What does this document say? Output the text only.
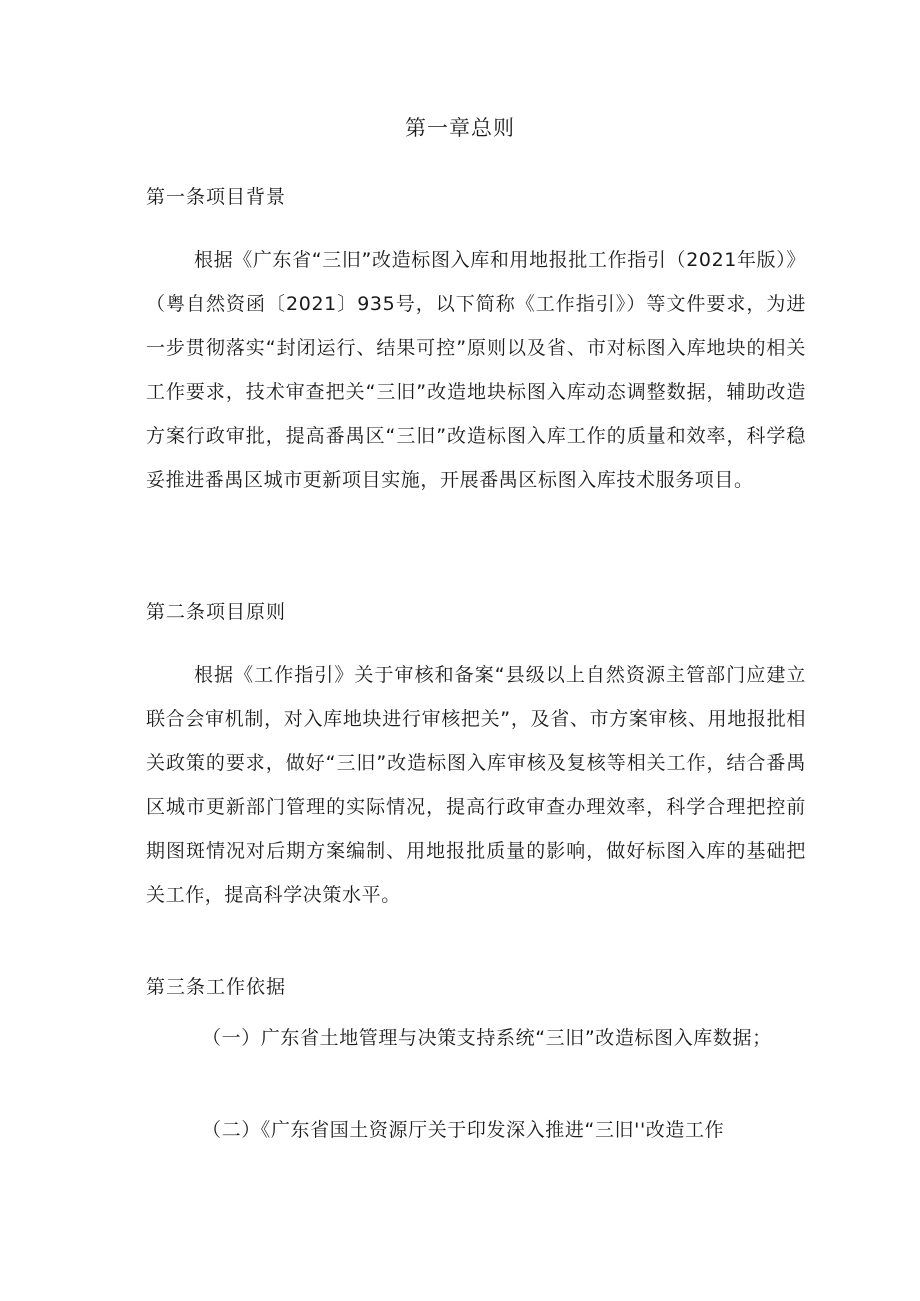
第一章总则
第一条项目背景

根据《广东省“三旧”改造标图入库和用地报批工作指引（2021年版）》（粤自然资函〔2021〕935号，以下简称《工作指引》）等文件要求，为进一步贯彻落实“封闭运行、结果可控”原则以及省、市对标图入库地块的相关工作要求，技术审查把关“三旧”改造地块标图入库动态调整数据，辅助改造方案行政审批，提高番禺区“三旧”改造标图入库工作的质量和效率，科学稳妥推进番禺区城市更新项目实施，开展番禺区标图入库技术服务项目。

第二条项目原则

根据《工作指引》关于审核和备案“县级以上自然资源主管部门应建立联合会审机制，对入库地块进行审核把关”，及省、市方案审核、用地报批相关政策的要求，做好“三旧”改造标图入库审核及复核等相关工作，结合番禺区城市更新部门管理的实际情况，提高行政审查办理效率，科学合理把控前期图斑情况对后期方案编制、用地报批质量的影响，做好标图入库的基础把关工作，提高科学决策水平。

第三条工作依据

（一）广东省土地管理与决策支持系统“三旧”改造标图入库数据；

（二）《广东省国土资源厅关于印发深入推进“三旧''改造工作
